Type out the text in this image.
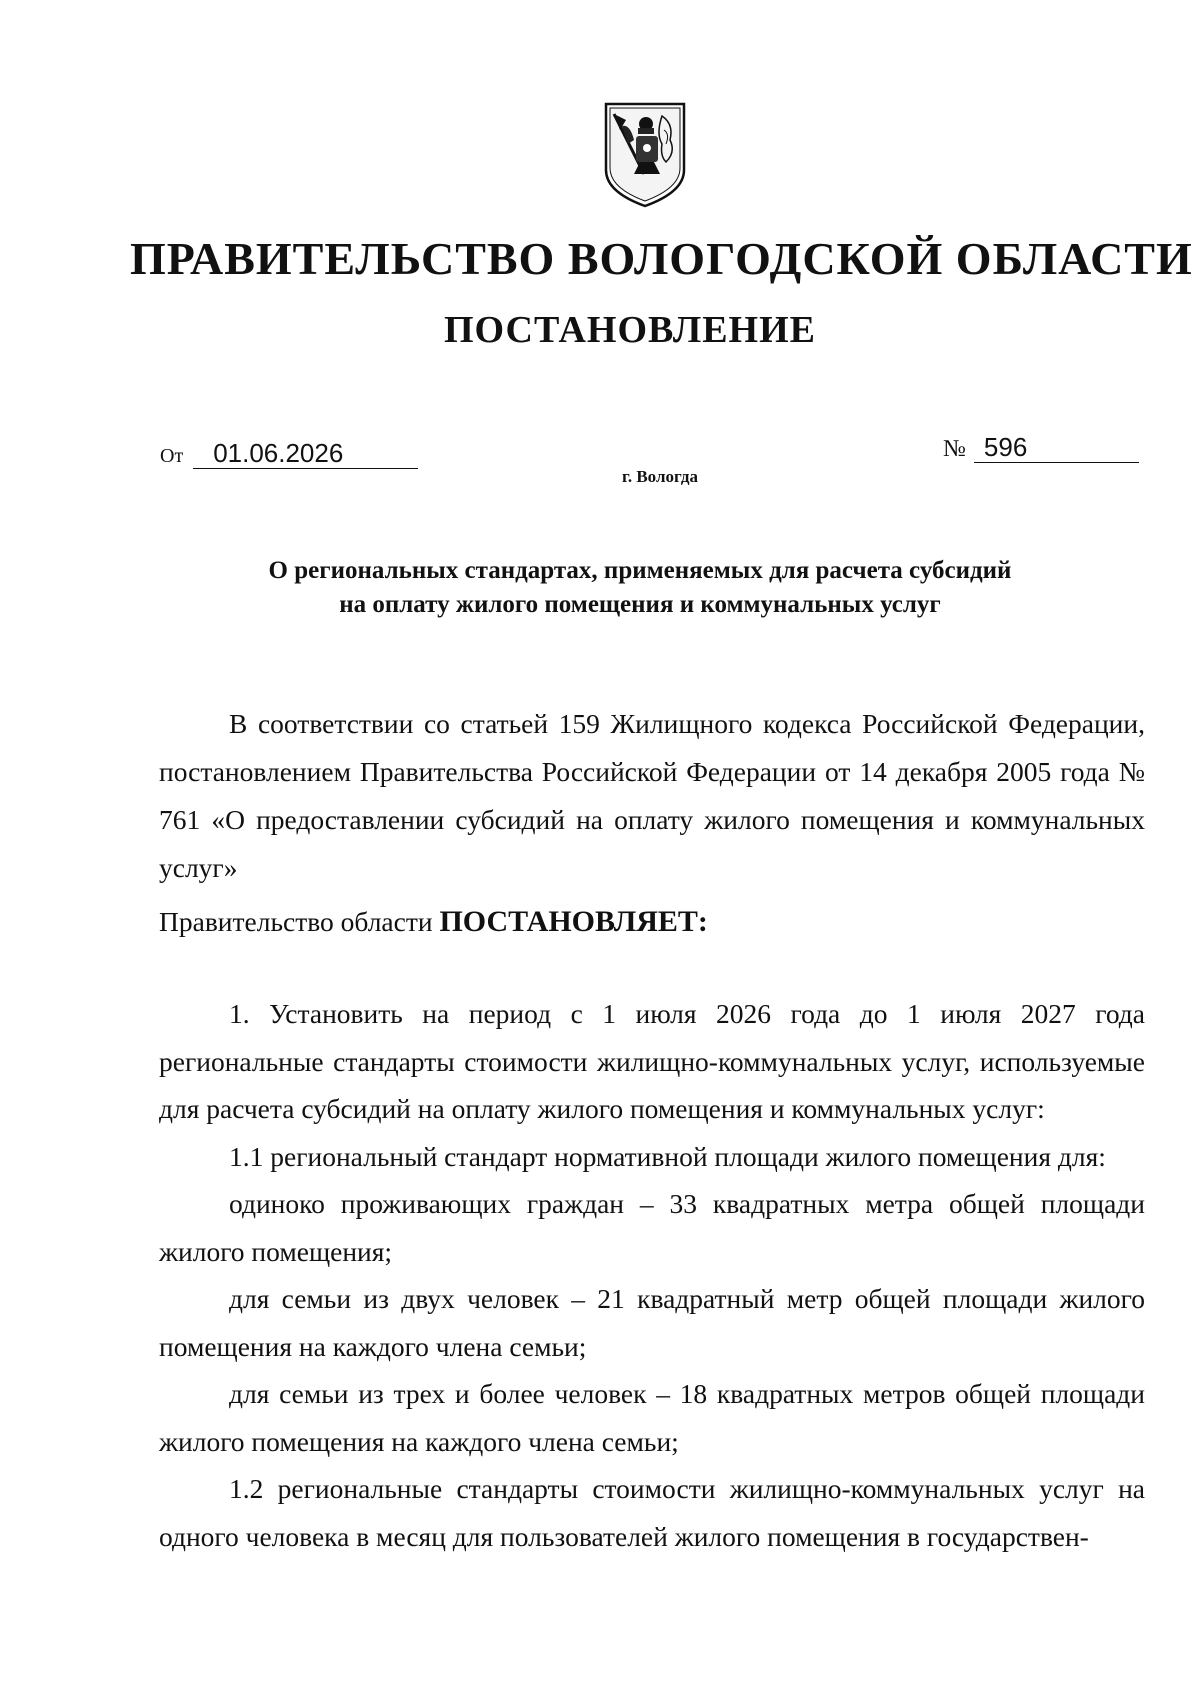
ПРАВИТЕЛЬСТВО ВОЛОГОДСКОЙ ОБЛАСТИ
ПОСТАНОВЛЕНИЕ
От 01.06.2026	№ 596
г. Вологда
О региональных стандартах, применяемых для расчета субсидий
на оплату жилого помещения и коммунальных услуг

В соответствии со статьей 159 Жилищного кодекса Российской Федерации, постановлением Правительства Российской Федерации от 14 декабря 2005 года № 761 «О предоставлении субсидий на оплату жилого помещения и коммунальных услуг»

Правительство области ПОСТАНОВЛЯЕТ:

1. Установить на период с 1 июля 2026 года до 1 июля 2027 года региональные стандарты стоимости жилищно-коммунальных услуг, используемые для расчета субсидий на оплату жилого помещения и коммунальных услуг:

1.1 региональный стандарт нормативной площади жилого помещения для:

одиноко проживающих граждан – 33 квадратных метра общей площади жилого помещения;

для семьи из двух человек – 21 квадратный метр общей площади жилого помещения на каждого члена семьи;

для семьи из трех и более человек – 18 квадратных метров общей площади жилого помещения на каждого члена семьи;

1.2 региональные стандарты стоимости жилищно-коммунальных услуг на одного человека в месяц для пользователей жилого помещения в государствен-
